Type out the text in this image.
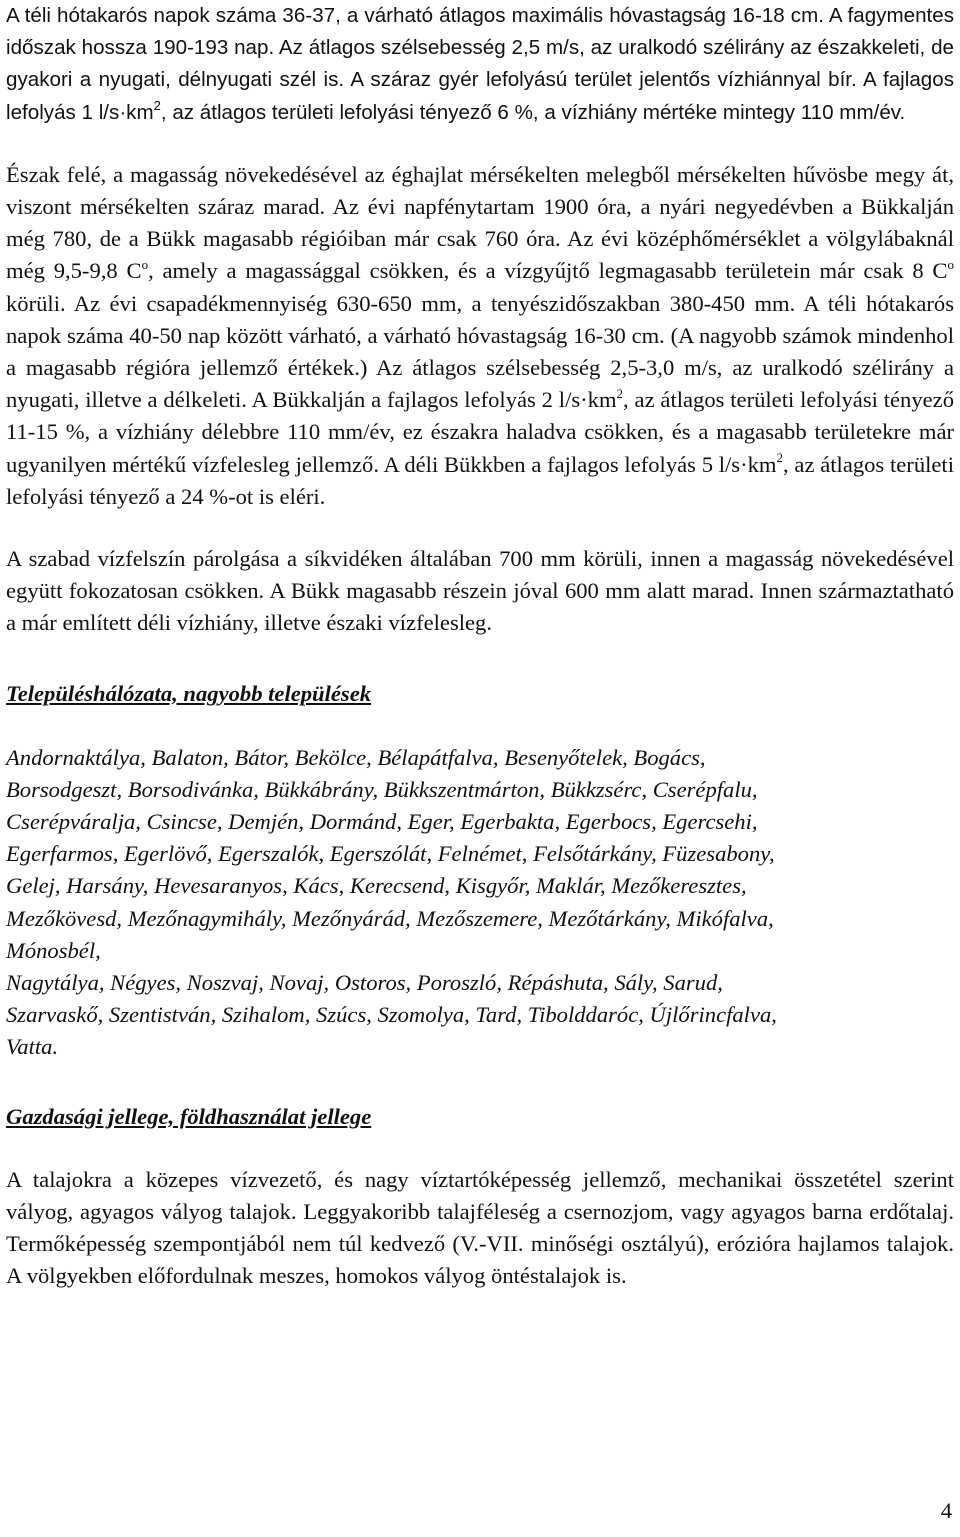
A téli hótakarós napok száma 36-37, a várható átlagos maximális hóvastagság 16-18 cm. A fagymentes időszak hossza 190-193 nap. Az átlagos szélsebesség 2,5 m/s, az uralkodó szélirány az északkeleti, de gyakori a nyugati, délnyugati szél is. A száraz gyér lefolyású terület jelentős vízhiánnyal bír. A fajlagos lefolyás 1 $l/s\cdot km^2$, az átlagos területi lefolyási tényező 6 %, a vízhiány mértéke mintegy 110 mm/év.

Észak felé, a magasság növekedésével az éghajlat mérsékelten melegből mérsékelten hűvösbe megy át, viszont mérsékelten száraz marad. Az évi napfénytartam 1900 óra, a nyári negyedévben a Bükkalján még 780, de a Bükk magasabb régióiban már csak 760 óra. Az évi középhőmérséklet a völgylábaknál még 9,5-9,8 $C^o$, amely a magassággal csökken, és a vízgyűjtő legmagasabb területein már csak 8 $C^o$ körüli. Az évi csapadékmennyiség 630-650 mm, a tenyészidőszakban 380-450 mm. A téli hótakarós napok száma 40-50 nap között várható, a várható hóvastagság 16-30 cm. (A nagyobb számok mindenhol a magasabb régióra jellemző értékek.) Az átlagos szélsebesség 2,5-3,0 m/s, az uralkodó szélirány a nyugati, illetve a délkeleti. A Bükkalján a fajlagos lefolyás 2 $l/s\cdot km^2$, az átlagos területi lefolyási tényező 11-15 %, a vízhiány délebbre 110 mm/év, ez északra haladva csökken, és a magasabb területekre már ugyanilyen mértékű vízfelesleg jellemző. A déli Bükkben a fajlagos lefolyás 5 $l/s\cdot km^2$, az átlagos területi lefolyási tényező a 24 %-ot is eléri.

A szabad vízfelszín párolgása a síkvidéken általában 700 mm körüli, innen a magasság növekedésével együtt fokozatosan csökken. A Bükk magasabb részein jóval 600 mm alatt marad. Innen származtatható a már említett déli vízhiány, illetve északi vízfelesleg.

Településhálózata, nagyobb települések

Andornaktálya, Balaton, Bátor, Bekölce, Bélapátfalva, Besenyőtelek, Bogács,
Borsodgeszt, Borsodivánka, Bükkábrány, Bükkszentmárton, Bükkzsérc, Cserépfalu,
Cserépváralja, Csincse, Demjén, Dormánd, Eger, Egerbakta, Egerbocs, Egercsehi,
Egerfarmos, Egerlövő, Egerszalók, Egerszólát, Felnémet, Felsőtárkány, Füzesabony,
Gelej, Harsány, Hevesaranyos, Kács, Kerecsend, Kisgyőr, Maklár, Mezőkeresztes,
Mezőkövesd, Mezőnagymihály, Mezőnyárád, Mezőszemere, Mezőtárkány, Mikófalva,
Mónosbél,
Nagytálya, Négyes, Noszvaj, Novaj, Ostoros, Poroszló, Répáshuta, Sály, Sarud,
Szarvaskő, Szentistván, Szihalom, Szúcs, Szomolya, Tard, Tibolddaróc, Újlőrincfalva,
Vatta.

Gazdasági jellege, földhasználat jellege

A talajokra a közepes vízvezető, és nagy víztartóképesség jellemző, mechanikai összetétel szerint vályog, agyagos vályog talajok. Leggyakoribb talajféleség a csernozjom, vagy agyagos barna erdőtalaj. Termőképesség szempontjából nem túl kedvező (V.-VII. minőségi osztályú), erózióra hajlamos talajok. A völgyekben előfordulnak meszes, homokos vályog öntéstalajok is.

4
